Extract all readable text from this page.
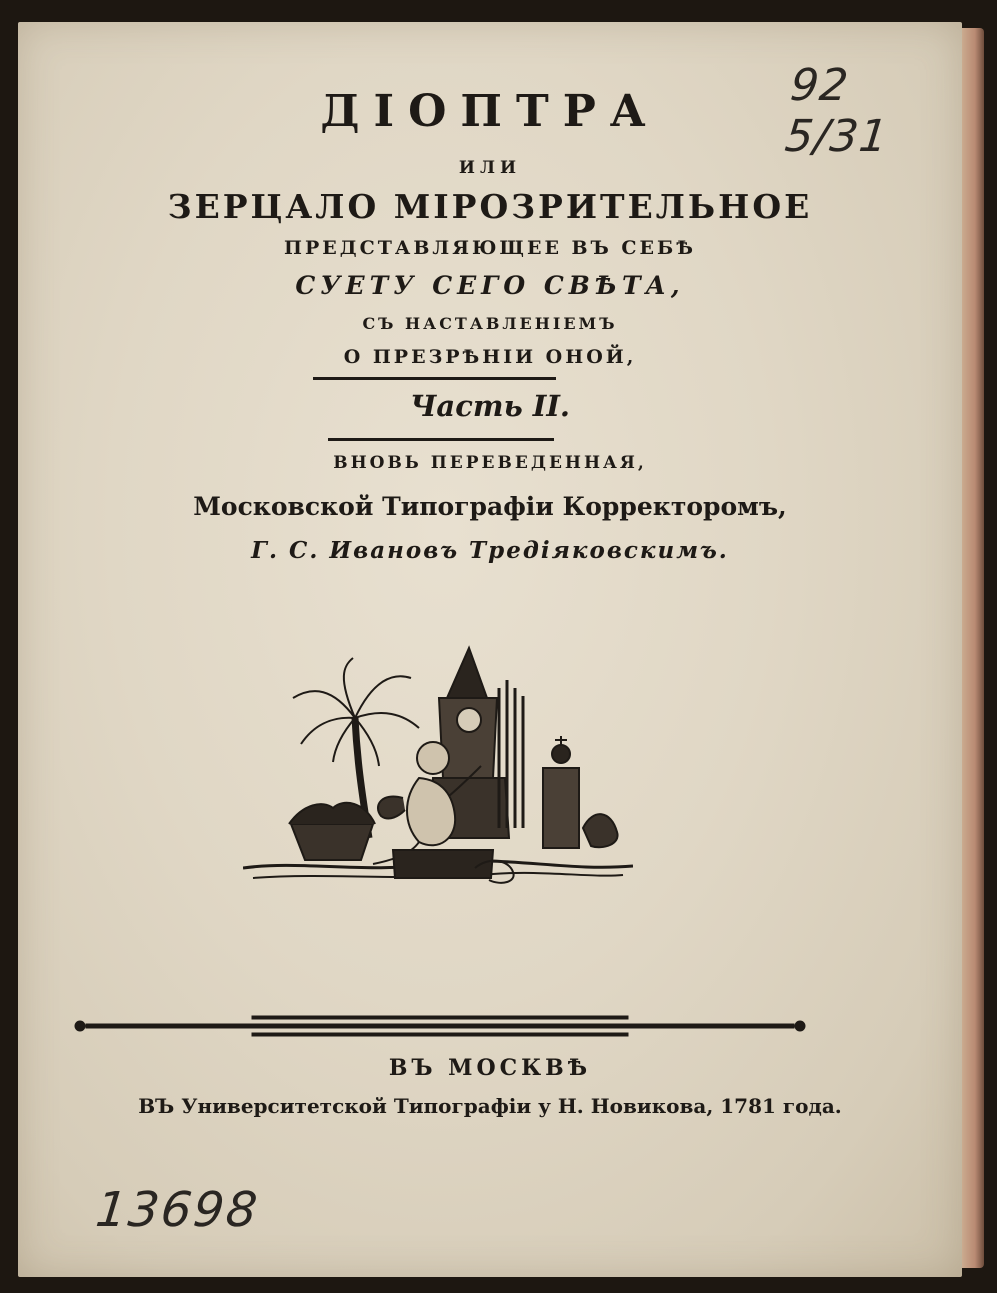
92 5/31
ДІОПТРА
ИЛИ
ЗЕРЦАЛО МІРОЗРИТЕЛЬНОЕ
ПРЕДСТАВЛЯЮЩЕЕ ВЪ СЕБѢ
СУЕТУ СЕГО СВѢТА,
СЪ НАСТАВЛЕНІЕМЪ
О ПРЕЗРѢНІИ ОНОЙ,
Часть II.
ВНОВЬ ПЕРЕВЕДЕННАЯ,
Московской Типографіи Корректоромъ,
Г. С. Ивановъ Тредіяковскимъ.
ВЪ МОСКВѢ
ВЪ Университетской Типографіи у Н. Новикова, 1781 года.
13698
